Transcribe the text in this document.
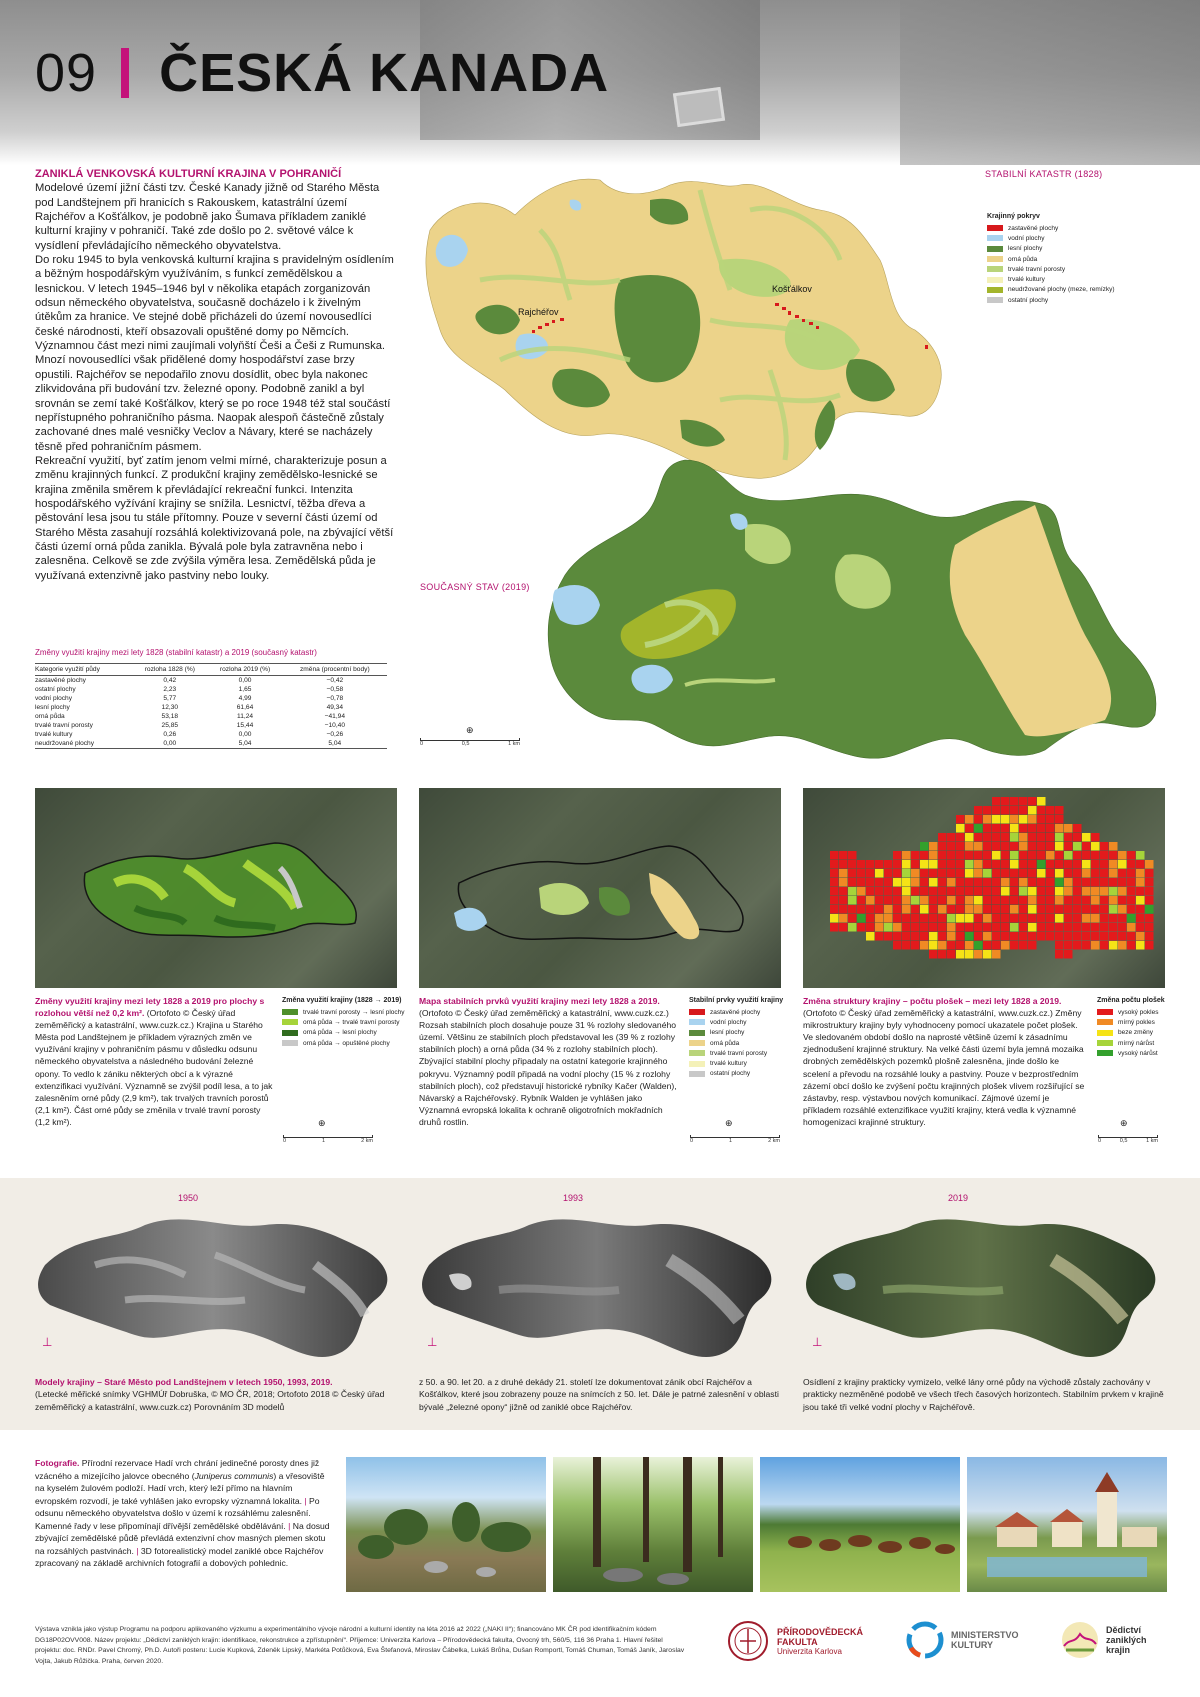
09 ČESKÁ KANADA
ZANIKLÁ VENKOVSKÁ KULTURNÍ KRAJINA V POHRANIČÍ

Modelové území jižní části tzv. České Kanady jižně od Starého Města pod Landštejnem při hranicích s Rakouskem, katastrální území Rajchéřov a Košťálkov, je podobně jako Šumava příkladem zaniklé kulturní krajiny v pohraničí. Také zde došlo po 2. světové válce k vysídlení převládajícího německého obyvatelstva.

Do roku 1945 to byla venkovská kulturní krajina s pravidelným osídlením a běžným hospodářským využíváním, s funkcí zemědělskou a lesnickou. V letech 1945–1946 byl v několika etapách zorganizován odsun německého obyvatelstva, současně docházelo i k živelným útěkům za hranice. Ve stejné době přicházeli do území novousedlíci české národnosti, kteří obsazovali opuštěné domy po Němcích. Významnou část mezi nimi zaujímali volyňští Češi a Češi z Rumunska. Mnozí novousedlíci však přidělené domy hospodářství zase brzy opustili. Rajchéřov se nepodařilo znovu dosídlit, obec byla nakonec zlikvidována při budování tzv. železné opony. Podobně zanikl a byl srovnán se zemí také Košťálkov, který se po roce 1948 též stal součástí nepřístupného pohraničního pásma. Naopak alespoň částečně zůstaly zachované dnes malé vesničky Veclov a Návary, které se nacházely těsně před pohraničním pásmem.

Rekreační využití, byť zatím jenom velmi mírné, charakterizuje posun a změnu krajinných funkcí. Z produkční krajiny zemědělsko-lesnické se krajina změnila směrem k převládající rekreační funkci. Intenzita hospodářského vyžívání krajiny se snížila. Lesnictví, těžba dřeva a pěstování lesa jsou tu stále přítomny. Pouze v severní části území od Starého Města zasahují rozsáhlá kolektivizovaná pole, na zbývající větší části území orná půda zanikla. Bývalá pole byla zatravněna nebo i zalesněna. Celkově se zde zvýšila výměra lesa. Zemědělská půda je využívaná extenzivně jako pastviny nebo louky.

STABILNÍ KATASTR (1828)
Rajchéřov
Košťálkov
Krajinný pokryv
zastavěné plochy
vodní plochy
lesní plochy
orná půda
trvalé travní porosty
trvalé kultury
neudržované plochy (meze, remízky)
ostatní plochy
SOUČASNÝ STAV (2019)
0	0,5	1 km
⊕
Změny využití krajiny mezi lety 1828 (stabilní katastr) a 2019 (současný katastr)
Kategorie využití půdy	rozloha 1828 (%)	rozloha 2019 (%)	změna (procentní body)
zastavěné plochy	0,42	0,00	−0,42
ostatní plochy	2,23	1,65	−0,58
vodní plochy	5,77	4,99	−0,78
lesní plochy	12,30	61,64	49,34
orná půda	53,18	11,24	−41,94
trvalé travní porosty	25,85	15,44	−10,40
trvalé kultury	0,26	0,00	−0,26
neudržované plochy	0,00	5,04	5,04
Změny využití krajiny mezi lety 1828 a 2019 pro plochy s rozlohou větší než 0,2 km². (Ortofoto © Český úřad zeměměřický a katastrální, www.cuzk.cz.) Krajina u Starého Města pod Landštejnem je příkladem výrazných změn ve využívání krajiny v pohraničním pásmu v důsledku odsunu německého obyvatelstva a následného budování železné opony. To vedlo k zániku některých obcí a k výrazné extenzifikaci využívání. Významně se zvýšil podíl lesa, a to jak zalesněním orné půdy (2,9 km²), tak trvalých travních porostů (2,1 km²). Část orné půdy se změnila v trvalé travní porosty (1,2 km²).
Změna využití krajiny (1828 → 2019)
trvalé travní porosty → lesní plochy
orná půda → trvalé travní porosty
orná půda → lesní plochy
orná půda → opuštěné plochy
Mapa stabilních prvků využití krajiny mezi lety 1828 a 2019. (Ortofoto © Český úřad zeměměřický a katastrální, www.cuzk.cz.) Rozsah stabilních ploch dosahuje pouze 31 % rozlohy sledovaného území. Většinu ze stabilních ploch představoval les (39 % z rozlohy stabilních ploch) a orná půda (34 % z rozlohy stabilních ploch). Zbývající stabilní plochy připadaly na ostatní kategorie krajinného pokryvu. Významný podíl připadá na vodní plochy (15 % z rozlohy stabilních ploch), což představují historické rybníky Kačer (Walden), Návarský a Rajchéřovský. Rybník Walden je vyhlášen jako Významná evropská lokalita k ochraně oligotrofních mokřadních druhů rostlin.
Stabilní prvky využití krajiny
zastavěné plochy
vodní plochy
lesní plochy
orná půda
trvalé travní porosty
trvalé kultury
ostatní plochy
Změna struktury krajiny – počtu plošek – mezi lety 1828 a 2019. (Ortofoto © Český úřad zeměměřický a katastrální, www.cuzk.cz.) Změny mikrostruktury krajiny byly vyhodnoceny pomocí ukazatele počet plošek. Ve sledovaném období došlo na naprosté většině území k zásadnímu zjednodušení krajinné struktury. Na velké části území byla jemná mozaika drobných zemědělských pozemků plošně zalesněna, jinde došlo ke scelení a převodu na rozsáhlé louky a pastviny. Pouze v bezprostředním zázemí obcí došlo ke zvýšení počtu krajinných plošek vlivem rozšiřující se zástavby, resp. výstavbou nových komunikací. Zájmové území je příkladem rozsáhlé extenzifikace využití krajiny, která vedla k významné homogenizaci krajinné struktury.
Změna počtu plošek
vysoký pokles
mírný pokles
beze změny
mírný nárůst
vysoký nárůst
0	1	2 km
⊕
0	1	2 km
⊕
0	0,5	1 km
⊕
1950	1993	2019
⊥	⊥	⊥
Modely krajiny – Staré Město pod Landštejnem v letech 1950, 1993, 2019.
(Letecké měřické snímky VGHMÚř Dobruška, © MO ČR, 2018; Ortofoto 2018 © Český úřad zeměměřický a katastrální, www.cuzk.cz) Porovnáním 3D modelů
z 50. a 90. let 20. a z druhé dekády 21. století lze dokumentovat zánik obcí Rajchéřov a Košťálkov, které jsou zobrazeny pouze na snímcích z 50. let. Dále je patrné zalesnění v oblasti bývalé „železné opony“ jižně od zaniklé obce Rajchéřov.
Osídlení z krajiny prakticky vymizelo, velké lány orné půdy na východě zůstaly zachovány v prakticky nezměněné podobě ve všech třech časových horizontech. Stabilním prvkem v krajině jsou také tři velké vodní plochy v Rajchéřově.
Fotografie. Přírodní rezervace Hadí vrch chrání jedinečné porosty dnes již vzácného a mizejícího jalovce obecného (Juniperus communis) a vřesoviště na kyselém žulovém podloží. Hadí vrch, který leží přímo na hlavním evropském rozvodí, je také vyhlášen jako evropsky významná lokalita. | Po odsunu německého obyvatelstva došlo v území k rozsáhlému zalesnění. Kamenné řady v lese připomínají dřívější zemědělské obdělávání. | Na dosud zbývající zemědělské půdě převládá extenzivní chov masných plemen skotu na rozsáhlých pastvinách. | 3D fotorealistický model zaniklé obce Rajchéřov zpracovaný na základě archivních fotografií a dobových pohlednic.
Výstava vznikla jako výstup Programu na podporu aplikovaného výzkumu a experimentálního vývoje národní a kulturní identity na léta 2016 až 2022 („NAKI II“); financováno MK ČR pod identifikačním kódem DG18P02OVV008. Název projektu: „Dědictví zaniklých krajin: identifikace, rekonstrukce a zpřístupnění“. Příjemce: Univerzita Karlova – Přírodovědecká fakulta, Ovocný trh, 560/5, 116 36 Praha 1. Hlavní řešitel projektu: doc. RNDr. Pavel Chromý, Ph.D. Autoři posteru: Lucie Kupková, Zdeněk Lipský, Markéta Potůčková, Eva Štefanová, Miroslav Čábelka, Lukáš Brůha, Dušan Romportl, Tomáš Chuman, Tomáš Janík, Jaroslav Vojta, Jakub Růžička. Praha, červen 2020.
PŘÍRODOVĚDECKÁ
FAKULTA
Univerzita Karlova
MINISTERSTVO
KULTURY
Dědictví
zaniklých
krajin
